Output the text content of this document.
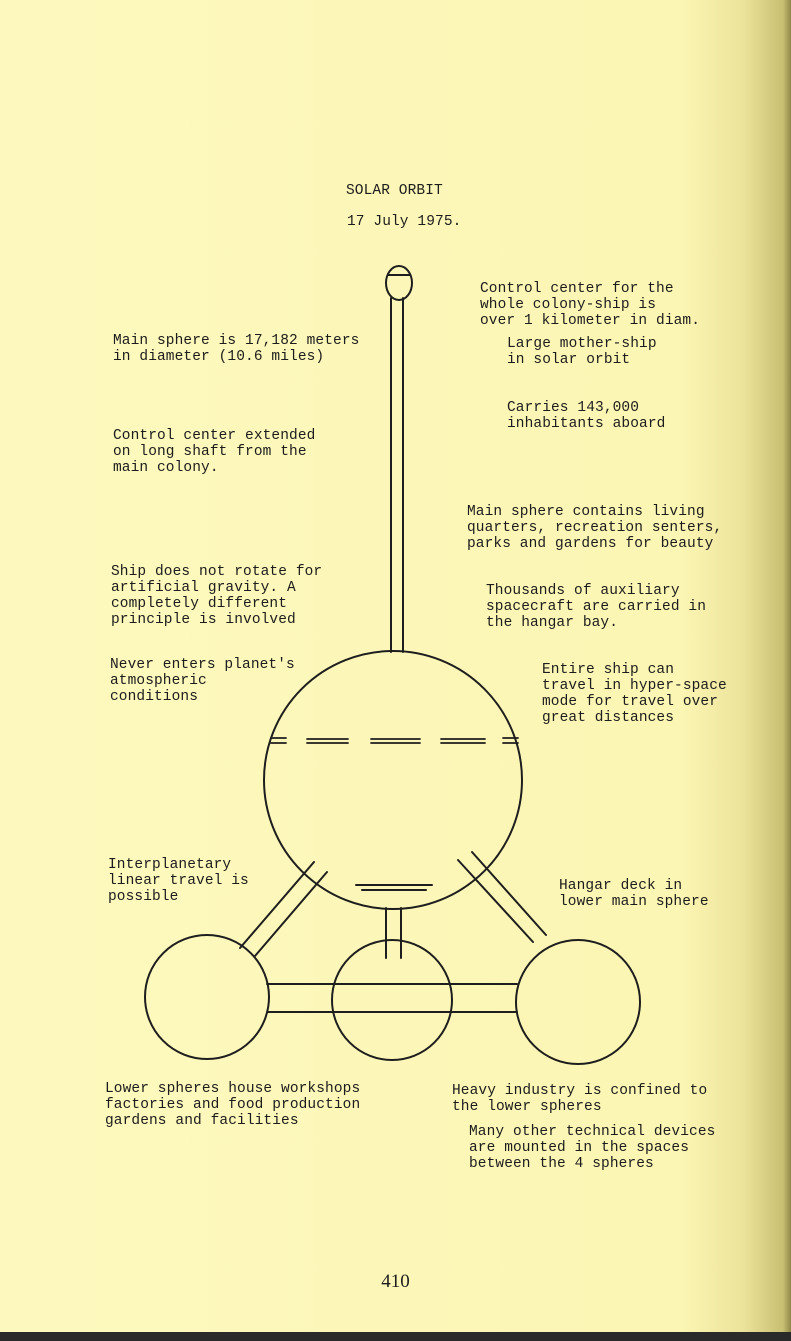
SOLAR ORBIT

17 July 1975.

Main sphere is 17,182 meters
in diameter (10.6 miles)

Control center extended
on long shaft from the
main colony.

Ship does not rotate for
artificial gravity. A
completely different
principle is involved

Never enters planet's
atmospheric
conditions

Interplanetary
linear travel is
possible

Control center for the
whole colony-ship is
over 1 kilometer in diam.

Large mother-ship
in solar orbit

Carries 143,000
inhabitants aboard

Main sphere contains living
quarters, recreation senters,
parks and gardens for beauty

Thousands of auxiliary
spacecraft are carried in
the hangar bay.

Entire ship can
travel in hyper-space
mode for travel over
great distances

Hangar deck in
lower main sphere

Lower spheres house workshops
factories and food production
gardens and facilities

Heavy industry is confined to
the lower spheres

Many other technical devices
are mounted in the spaces
between the 4 spheres

410
